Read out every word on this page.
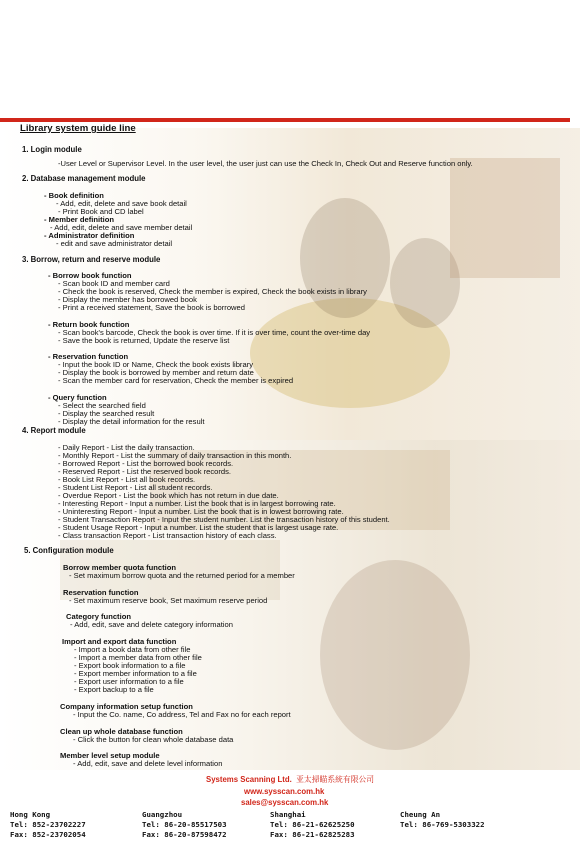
Library system guide line
1. Login module
-User Level or Supervisor Level. In the user level, the user just can use the Check In, Check Out and Reserve function only.
2. Database management module
- Book definition
- Add, edit, delete and save book detail
- Print Book and CD label
- Member definition
- Add, edit, delete and save member detail
- Administrator definition
- edit and save administrator detail
3. Borrow, return and reserve module
- Borrow book function
- Scan book ID and member card
- Check the book is reserved, Check the member is expired, Check the book exists in library
- Display the member has borrowed book
- Print a received statement, Save the book is borrowed
- Return book function
- Scan book's barcode, Check the book is over time. If it is over time, count the over-time day
- Save the book is returned, Update the reserve list
- Reservation function
- Input the book ID or Name, Check the book exists library
- Display the book is borrowed by member and return date
- Scan the member card for reservation, Check the member is expired
- Query function
- Select the searched field
- Display the searched result
- Display the detail information for the result
4. Report module
- Daily Report - List the daily transaction.
- Monthly Report - List the summary of daily transaction in this month.
- Borrowed Report - List the borrowed book records.
- Reserved Report - List the reserved book records.
- Book List Report - List all book records.
- Student List Report - List all student records.
- Overdue Report - List the book which has not return in due date.
- Interesting Report - Input a number. List the book that is in largest borrowing rate.
- Uninteresting Report - Input a number. List the book that is in lowest borrowing rate.
- Student Transaction Report - Input the student number. List the transaction history of this student.
- Student Usage Report - Input a number. List the student that is largest usage rate.
- Class transaction Report - List transaction history of each class.
5. Configuration module
Borrow member quota function
- Set maximum borrow quota and the returned period for a member
Reservation function
- Set maximum reserve book, Set maximum reserve period
Category function
- Add, edit, save and delete category information
Import and export data function
- Import a book data from other file
- Import a member data from other file
- Export book information to a file
- Export member information to a file
- Export user information to a file
- Export backup to a file
Company information setup function
- Input the Co. name, Co address, Tel and Fax no for each report
Clean up whole database function
- Click the button for clean whole database data
Member level setup module
- Add, edit, save and delete level information
Systems Scanning Ltd. 亚太掃瞄系統有限公司
www.sysscan.com.hk
sales@sysscan.com.hk
Hong Kong
Tel: 852-23702227
Fax: 852-23702054
Guangzhou
Tel: 86-20-85517503
Fax: 86-20-87598472
Shanghai
Tel: 86-21-62625250
Fax: 86-21-62825283
Cheung An
Tel: 86-769-5303322
